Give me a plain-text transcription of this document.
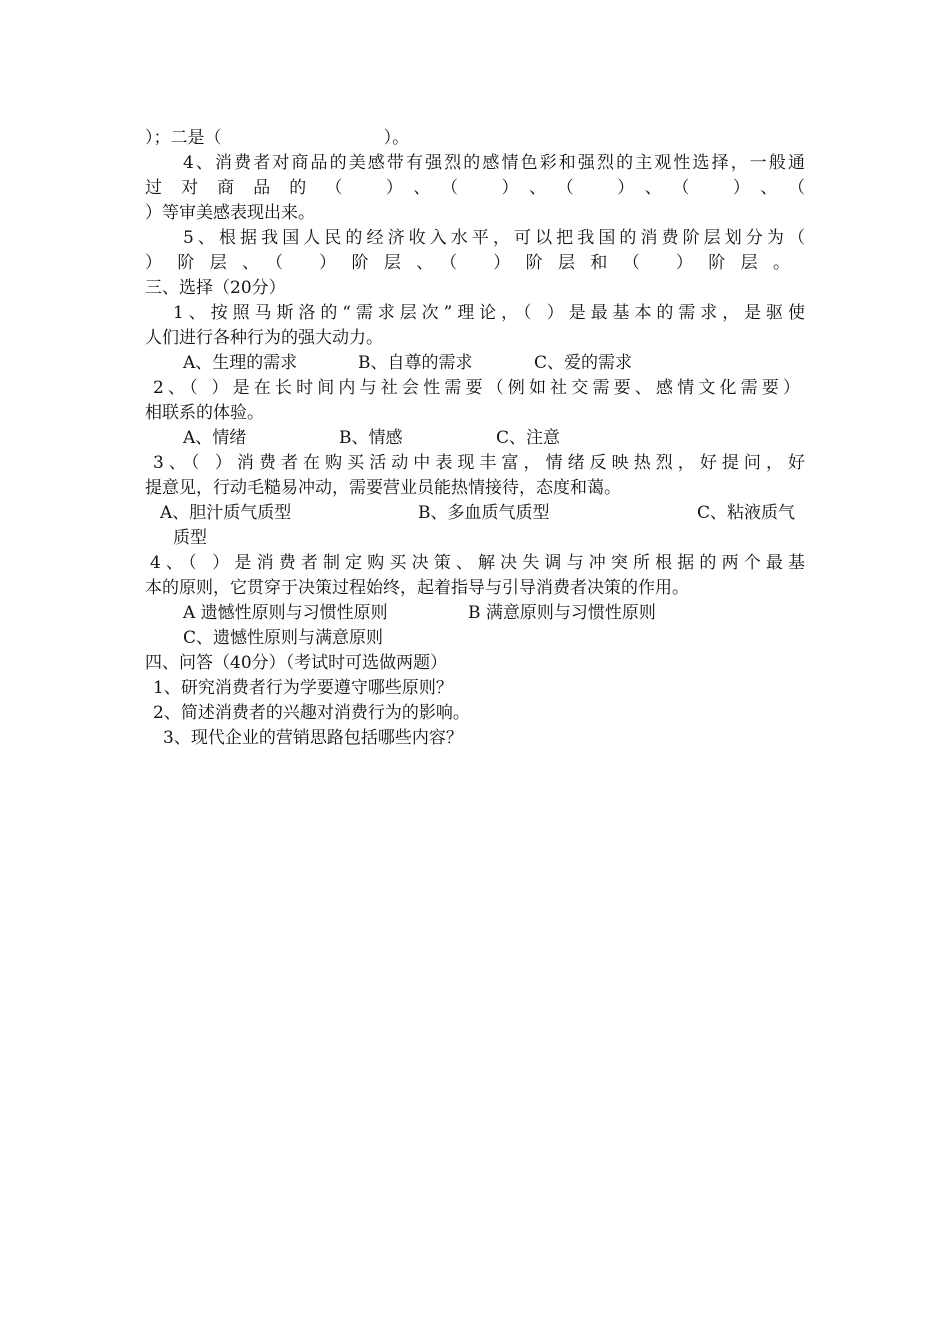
）；二是（                              ）。
4、消费者对商品的美感带有强烈的感情色彩和强烈的主观性选择，一般通
过对商品的（ ）、（ ）、（ ）、（ ）、（
）等审美感表现出来。
5、根据我国人民的经济收入水平，可以把我国的消费阶层划分为（
）阶层、（ ）阶层、（ ）阶层和（ ）阶层。
三、选择（20分）
1、按照马斯洛的“需求层次”理论，（ ）是最基本的需求，是驱使
人们进行各种行为的强大动力。
A、生理的需求	B、自尊的需求	C、爱的需求
2、（ ）是在长时间内与社会性需要（例如社交需要、感情文化需要）
相联系的体验。
A、情绪	B、情感	C、注意
3、（ ）消费者在购买活动中表现丰富，情绪反映热烈，好提问，好
提意见，行动毛糙易冲动，需要营业员能热情接待，态度和蔼。
A、胆汁质气质型	B、多血质气质型	C、粘液质气
质型
4、（ ）是消费者制定购买决策、解决失调与冲突所根据的两个最基
本的原则，它贯穿于决策过程始终，起着指导与引导消费者决策的作用。
A 遗憾性原则与习惯性原则	B 满意原则与习惯性原则
C、遗憾性原则与满意原则
四、问答（40分）（考试时可选做两题）
1、研究消费者行为学要遵守哪些原则？
2、简述消费者的兴趣对消费行为的影响。
3、现代企业的营销思路包括哪些内容？
